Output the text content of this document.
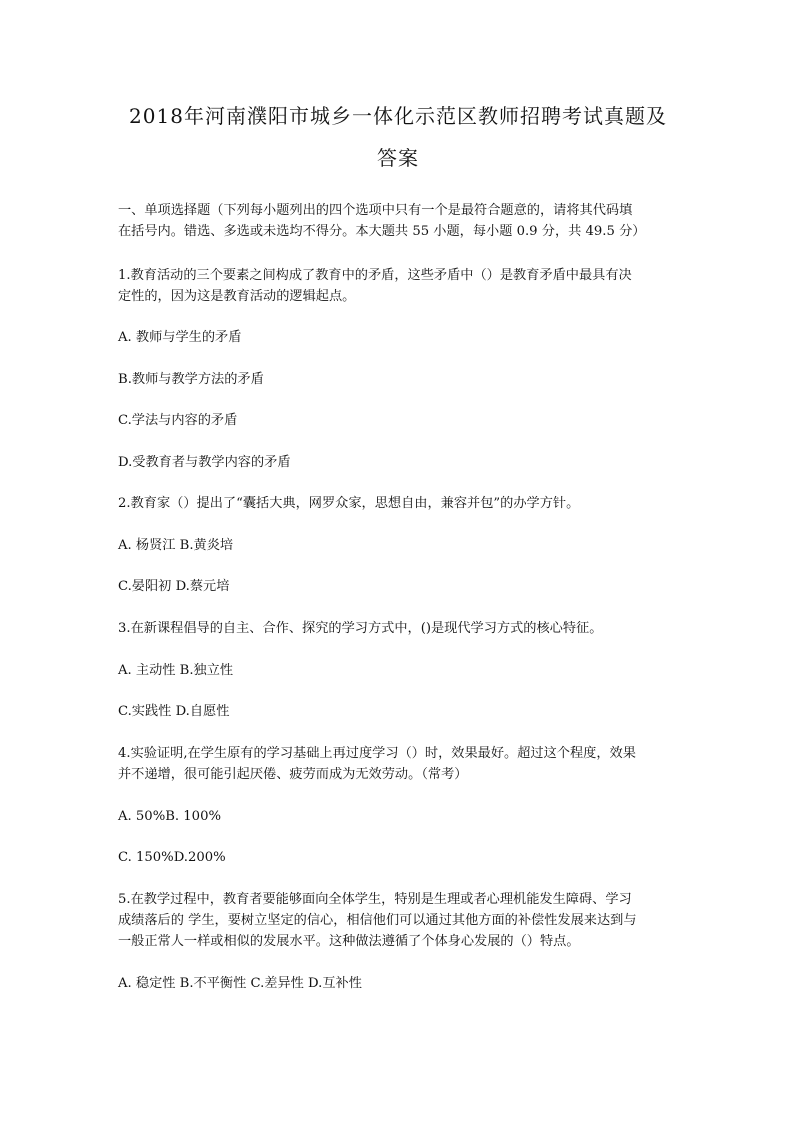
2018年河南濮阳市城乡一体化示范区教师招聘考试真题及
答案
一、单项选择题（下列每小题列出的四个选项中只有一个是最符合题意的，请将其代码填
在括号内。错选、多选或未选均不得分。本大题共 55 小题，每小题 0.9 分，共 49.5 分）
1.教育活动的三个要素之间构成了教育中的矛盾，这些矛盾中（）是教育矛盾中最具有决
定性的，因为这是教育活动的逻辑起点。
A. 教师与学生的矛盾
B.教师与教学方法的矛盾
C.学法与内容的矛盾
D.受教育者与教学内容的矛盾
2.教育家（）提出了“囊括大典，网罗众家，思想自由，兼容并包”的办学方针。
A. 杨贤江 B.黄炎培
C.晏阳初 D.蔡元培
3.在新课程倡导的自主、合作、探究的学习方式中，()是现代学习方式的核心特征。
A. 主动性 B.独立性
C.实践性 D.自愿性
4.实验证明,在学生原有的学习基础上再过度学习（）时，效果最好。超过这个程度，效果
并不递增，很可能引起厌倦、疲劳而成为无效劳动。（常考）
A. 50%B. 100%
C. 150%D.200%
5.在教学过程中，教育者要能够面向全体学生，特别是生理或者心理机能发生障碍、学习
成绩落后的 学生，要树立坚定的信心，相信他们可以通过其他方面的补偿性发展来达到与
一般正常人一样或相似的发展水平。这种做法遵循了个体身心发展的（）特点。
A. 稳定性 B.不平衡性 C.差异性 D.互补性
